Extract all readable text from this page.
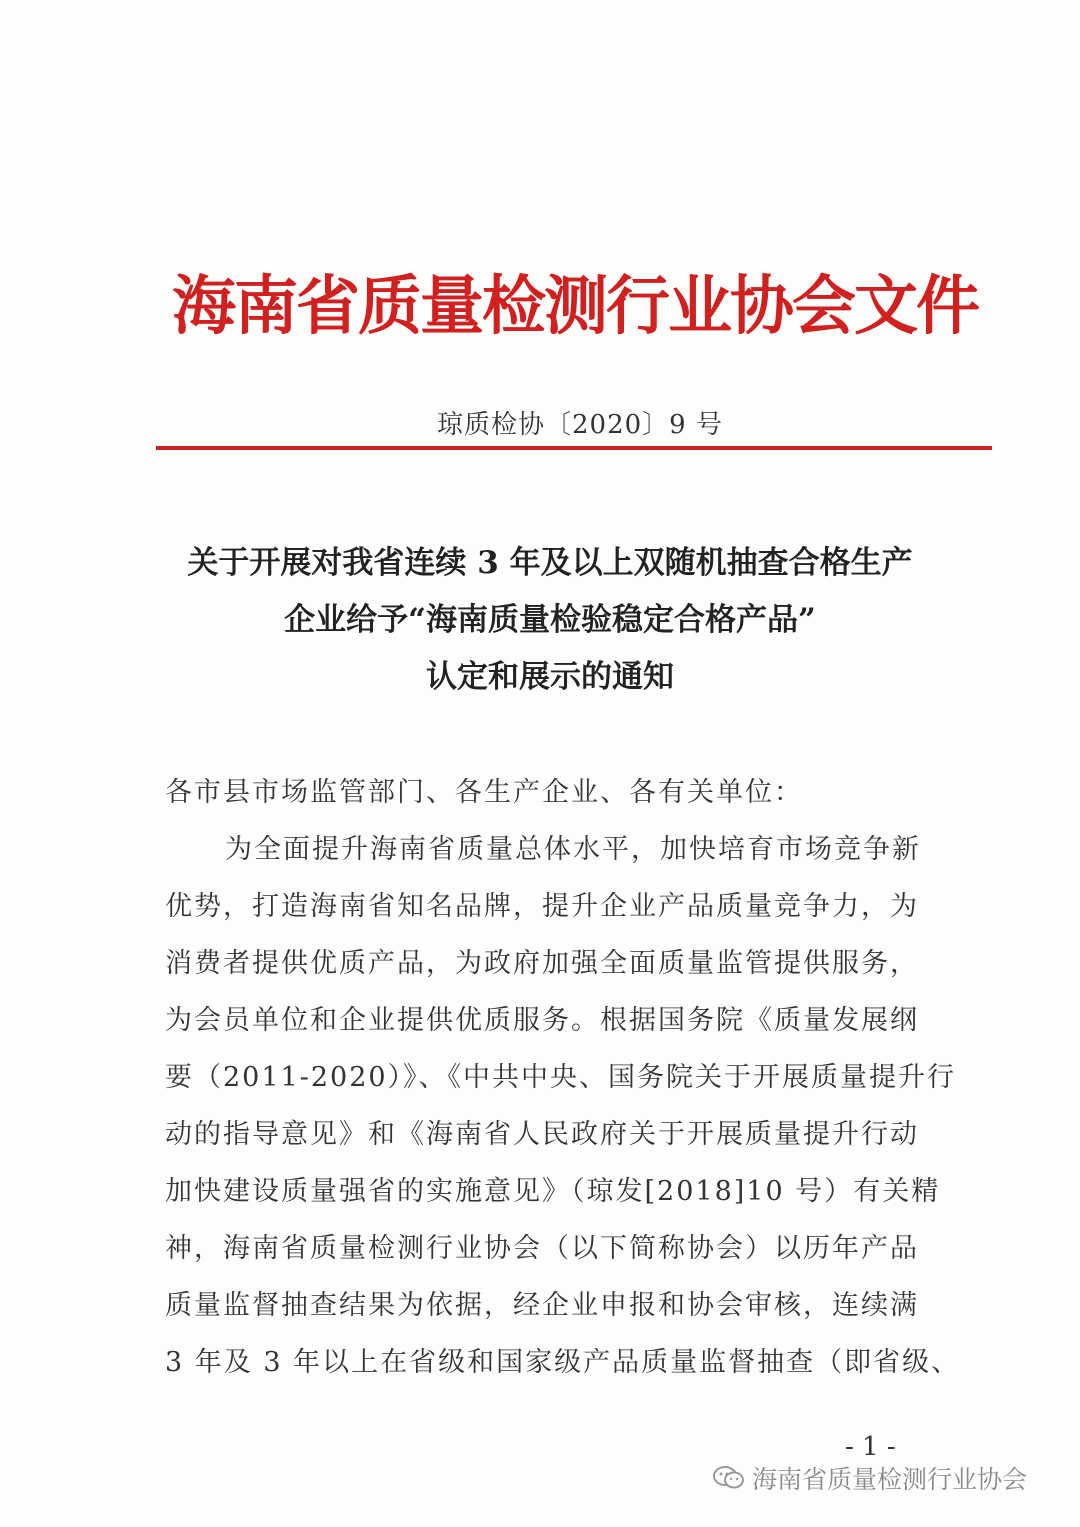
海南省质量检测行业协会文件
琼质检协〔2020〕9 号
关于开展对我省连续 3 年及以上双随机抽查合格生产
企业给予“海南质量检验稳定合格产品”
认定和展示的通知
各市县市场监管部门、各生产企业、各有关单位：
为全面提升海南省质量总体水平，加快培育市场竞争新
优势，打造海南省知名品牌，提升企业产品质量竞争力，为
消费者提供优质产品，为政府加强全面质量监管提供服务，
为会员单位和企业提供优质服务。根据国务院《质量发展纲
要（2011-2020）》、《中共中央、国务院关于开展质量提升行
动的指导意见》和《海南省人民政府关于开展质量提升行动
加快建设质量强省的实施意见》（琼发[2018]10 号）有关精
神，海南省质量检测行业协会（以下简称协会）以历年产品
质量监督抽查结果为依据，经企业申报和协会审核，连续满
3 年及 3 年以上在省级和国家级产品质量监督抽查（即省级、
- 1 -
海南省质量检测行业协会
